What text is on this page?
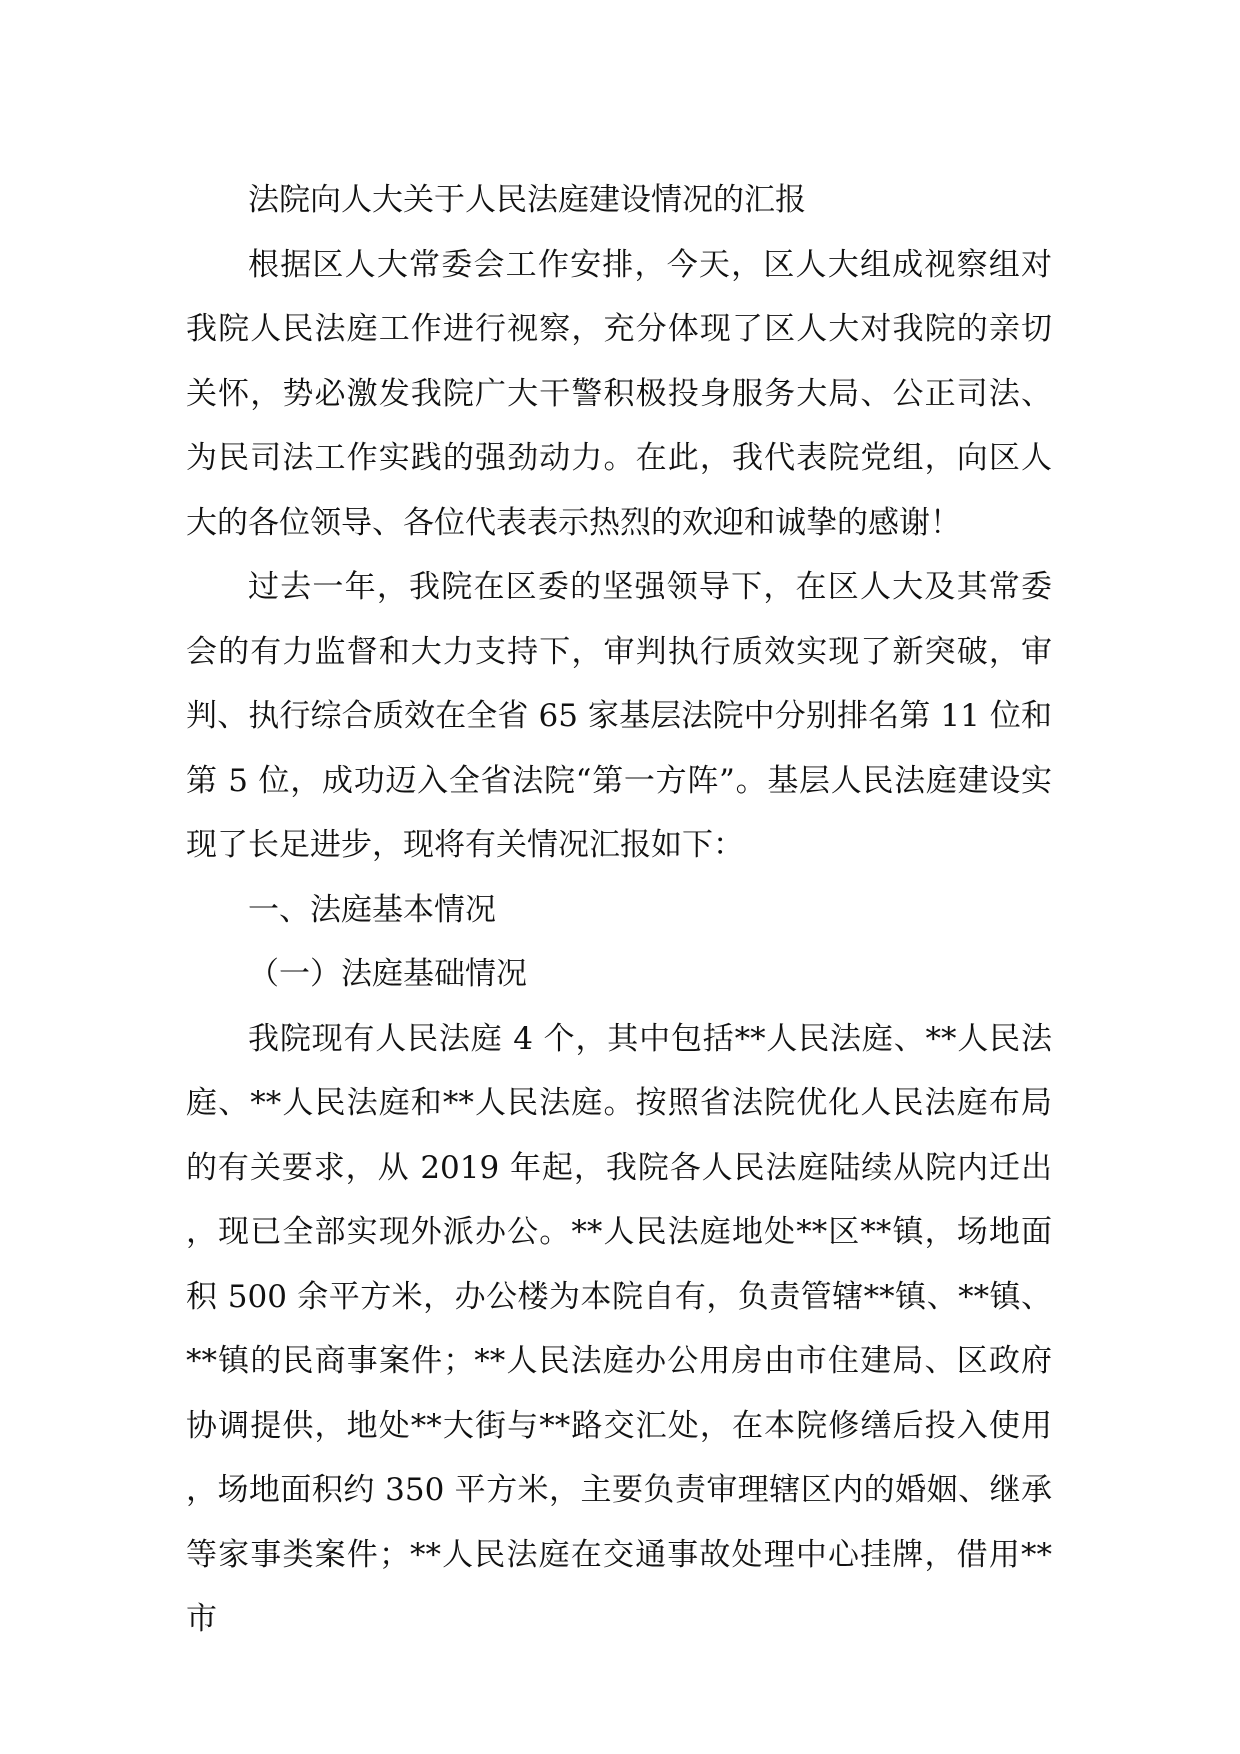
法院向人大关于人民法庭建设情况的汇报

根据区人大常委会工作安排，今天，区人大组成视察组对我院人民法庭工作进行视察，充分体现了区人大对我院的亲切关怀，势必激发我院广大干警积极投身服务大局、公正司法、为民司法工作实践的强劲动力。在此，我代表院党组，向区人大的各位领导、各位代表表示热烈的欢迎和诚挚的感谢！

过去一年，我院在区委的坚强领导下，在区人大及其常委会的有力监督和大力支持下，审判执行质效实现了新突破，审判、执行综合质效在全省 65 家基层法院中分别排名第 11 位和第 5 位，成功迈入全省法院“第一方阵”。基层人民法庭建设实现了长足进步，现将有关情况汇报如下：

一、法庭基本情况

（一）法庭基础情况

我院现有人民法庭 4 个，其中包括**人民法庭、**人民法庭、**人民法庭和**人民法庭。按照省法院优化人民法庭布局的有关要求，从 2019 年起，我院各人民法庭陆续从院内迁出，现已全部实现外派办公。**人民法庭地处**区**镇，场地面积 500 余平方米，办公楼为本院自有，负责管辖**镇、**镇、**镇的民商事案件；**人民法庭办公用房由市住建局、区政府协调提供，地处**大街与**路交汇处，在本院修缮后投入使用，场地面积约 350 平方米，主要负责审理辖区内的婚姻、继承等家事类案件；**人民法庭在交通事故处理中心挂牌，借用**市
